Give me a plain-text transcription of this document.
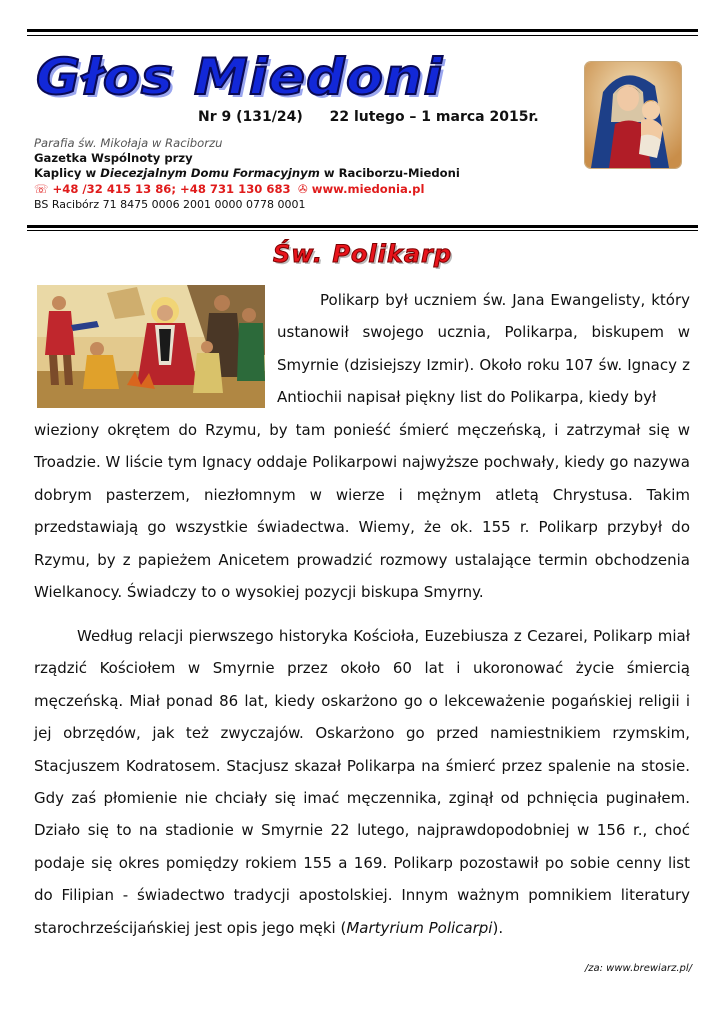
Głos Miedoni
Nr 9 (131/24) 22 lutego – 1 marca 2015r.
Parafia św. Mikołaja w Raciborzu
Gazetka Wspólnoty przy
Kaplicy w Diecezjalnym Domu Formacyjnym w Raciborzu-Miedoni
☏ +48 /32 415 13 86; +48 731 130 683 ✇ www.miedonia.pl
BS Racibórz 71 8475 0006 2001 0000 0778 0001
Św. Polikarp

Polikarp był uczniem św. Jana Ewangelisty, który ustanowił swojego ucznia, Polikarpa, biskupem w Smyrnie (dzisiejszy Izmir). Około roku 107 św. Ignacy z Antiochii napisał piękny list do Polikarpa, kiedy był

wieziony okrętem do Rzymu, by tam ponieść śmierć męczeńską, i zatrzymał się w Troadzie. W liście tym Ignacy oddaje Polikarpowi najwyższe pochwały, kiedy go nazywa dobrym pasterzem, niezłomnym w wierze i mężnym atletą Chrystusa. Takim przedstawiają go wszystkie świadectwa. Wiemy, że ok. 155 r. Polikarp przybył do Rzymu, by z papieżem Anicetem prowadzić rozmowy ustalające termin obchodzenia Wielkanocy. Świadczy to o wysokiej pozycji biskupa Smyrny.

Według relacji pierwszego historyka Kościoła, Euzebiusza z Cezarei, Polikarp miał rządzić Kościołem w Smyrnie przez około 60 lat i ukoronować życie śmiercią męczeńską. Miał ponad 86 lat, kiedy oskarżono go o lekceważenie pogańskiej religii i jej obrzędów, jak też zwyczajów. Oskarżono go przed namiestnikiem rzymskim, Stacjuszem Kodratosem. Stacjusz skazał Polikarpa na śmierć przez spalenie na stosie. Gdy zaś płomienie nie chciały się imać męczennika, zginął od pchnięcia puginałem. Działo się to na stadionie w Smyrnie 22 lutego, najprawdopodobniej w 156 r., choć podaje się okres pomiędzy rokiem 155 a 169. Polikarp pozostawił po sobie cenny list do Filipian - świadectwo tradycji apostolskiej. Innym ważnym pomnikiem literatury starochrześcijańskiej jest opis jego męki (Martyrium Policarpi).

/za: www.brewiarz.pl/
